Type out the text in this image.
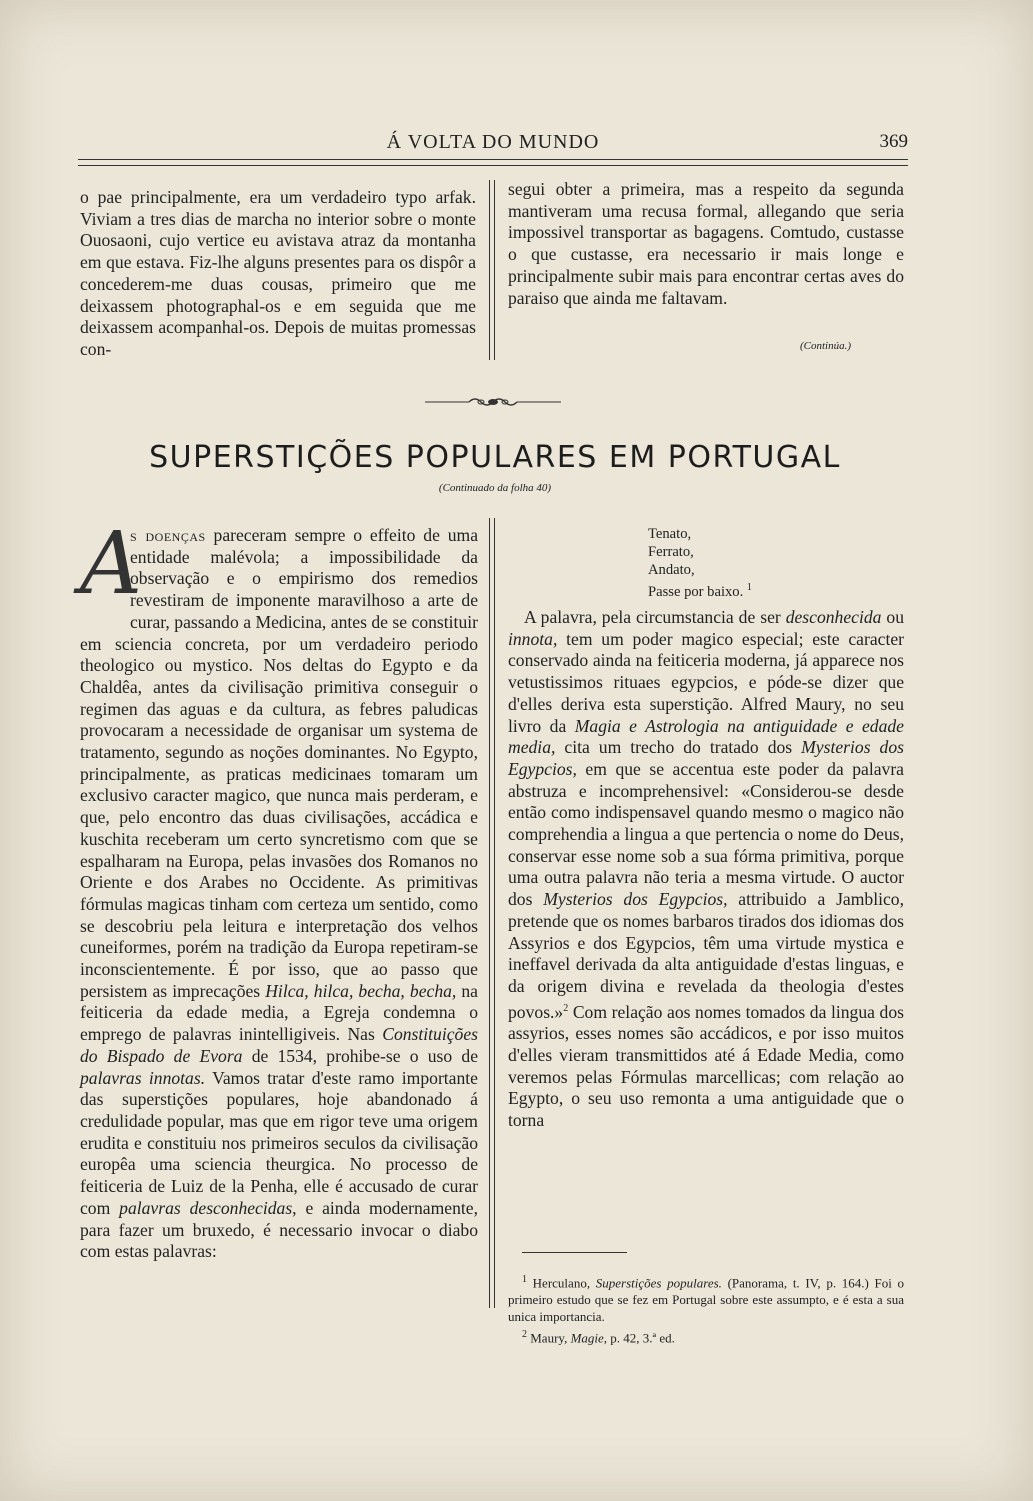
Á VOLTA DO MUNDO	369

o pae principalmente, era um verdadeiro typo arfak. Viviam a tres dias de marcha no interior sobre o monte Ouosaoni, cujo vertice eu avistava atraz da montanha em que estava. Fiz-lhe alguns presentes para os dispôr a concederem-me duas cousas, primeiro que me deixassem photographal-os e em seguida que me deixassem acompanhal-os. Depois de muitas promessas con-

segui obter a primeira, mas a respeito da segunda mantiveram uma recusa formal, allegando que seria impossivel transportar as bagagens. Comtudo, custasse o que custasse, era necessario ir mais longe e principalmente subir mais para encontrar certas aves do paraiso que ainda me faltavam.

(Continúa.)
SUPERSTIÇÕES POPULARES EM PORTUGAL
(Continuado da folha 40)

A
s doenças pareceram sempre o effeito de uma entidade malévola; a impossibilidade da observação e o empirismo dos remedios revestiram de imponente maravilhoso a arte de curar, passando a Medicina, antes de se constituir em sciencia concreta, por um verdadeiro periodo theologico ou mystico. Nos deltas do Egypto e da Chaldêa, antes da civilisação primitiva conseguir o regimen das aguas e da cultura, as febres paludicas provocaram a necessidade de organisar um systema de tratamento, segundo as noções dominantes. No Egypto, principalmente, as praticas medicinaes tomaram um exclusivo caracter magico, que nunca mais perderam, e que, pelo encontro das duas civilisações, accádica e kuschita receberam um certo syncretismo com que se espalharam na Europa, pelas invasões dos Romanos no Oriente e dos Arabes no Occidente. As primitivas fórmulas magicas tinham com certeza um sentido, como se descobriu pela leitura e interpretação dos velhos cuneiformes, porém na tradição da Europa repetiram-se inconscientemente. É por isso, que ao passo que persistem as imprecações Hilca, hilca, becha, becha, na feiticeria da edade media, a Egreja condemna o emprego de palavras inintelligiveis. Nas Constituições do Bispado de Evora de 1534, prohibe-se o uso de palavras innotas. Vamos tratar d'este ramo importante das superstições populares, hoje abandonado á credulidade popular, mas que em rigor teve uma origem erudita e constituiu nos primeiros seculos da civilisação europêa uma sciencia theurgica. No processo de feiticeria de Luiz de la Penha, elle é accusado de curar com palavras desconhecidas, e ainda modernamente, para fazer um bruxedo, é necessario invocar o diabo com estas palavras:

Tenato,
Ferrato,
Andato,
Passe por baixo. $^1$

A palavra, pela circumstancia de ser desconhecida ou innota, tem um poder magico especial; este caracter conservado ainda na feiticeria moderna, já apparece nos vetustissimos rituaes egypcios, e póde-se dizer que d'elles deriva esta superstição. Alfred Maury, no seu livro da Magia e Astrologia na antiguidade e edade media, cita um trecho do tratado dos Mysterios dos Egypcios, em que se accentua este poder da palavra abstruza e incomprehensivel: «Considerou-se desde então como indispensavel quando mesmo o magico não comprehendia a lingua a que pertencia o nome do Deus, conservar esse nome sob a sua fórma primitiva, porque uma outra palavra não teria a mesma virtude. O auctor dos Mysterios dos Egypcios, attribuido a Jamblico, pretende que os nomes barbaros tirados dos idiomas dos Assyrios e dos Egypcios, têm uma virtude mystica e ineffavel derivada da alta antiguidade d'estas linguas, e da origem divina e revelada da theologia d'estes povos.»$^2$ Com relação aos nomes tomados da lingua dos assyrios, esses nomes são accádicos, e por isso muitos d'elles vieram transmittidos até á Edade Media, como veremos pelas Fórmulas marcellicas; com relação ao Egypto, o seu uso remonta a uma antiguidade que o torna

$^1$ Herculano, Superstições populares. (Panorama, t. IV, p. 164.) Foi o primeiro estudo que se fez em Portugal sobre este assumpto, e é esta a sua unica importancia.

$^2$ Maury, Magie, p. 42, 3.ª ed.
